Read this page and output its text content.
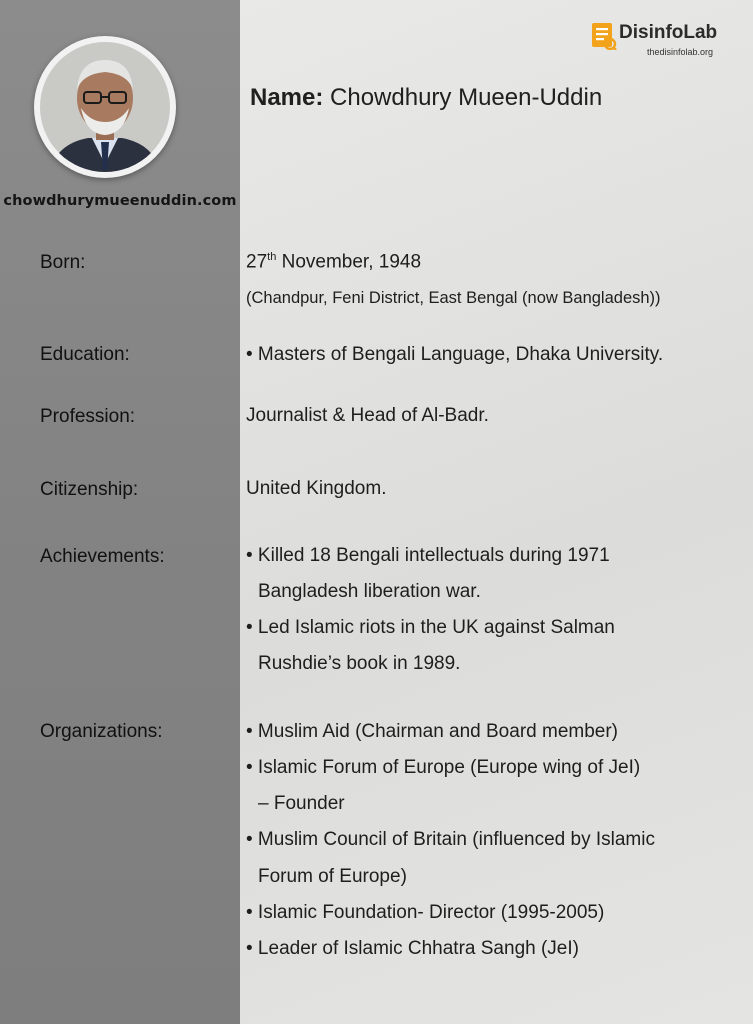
DisinfoLab
thedisinfolab.org
chowdhurymueenuddin.com
Name: Chowdhury Mueen-Uddin
Born:	27th November, 1948
(Chandpur, Feni District, East Bengal (now Bangladesh))
Education:	• Masters of Bengali Language, Dhaka University.
Profession:	Journalist & Head of Al-Badr.
Citizenship:	United Kingdom.
Achievements:	• Killed 18 Bengali intellectuals during 1971
Bangladesh liberation war.
• Led Islamic riots in the UK against Salman
Rushdie’s book in 1989.
Organizations:	• Muslim Aid (Chairman and Board member)
• Islamic Forum of Europe (Europe wing of JeI)
– Founder
• Muslim Council of Britain (influenced by Islamic
Forum of Europe)
• Islamic Foundation- Director (1995-2005)
• Leader of Islamic Chhatra Sangh (JeI)
